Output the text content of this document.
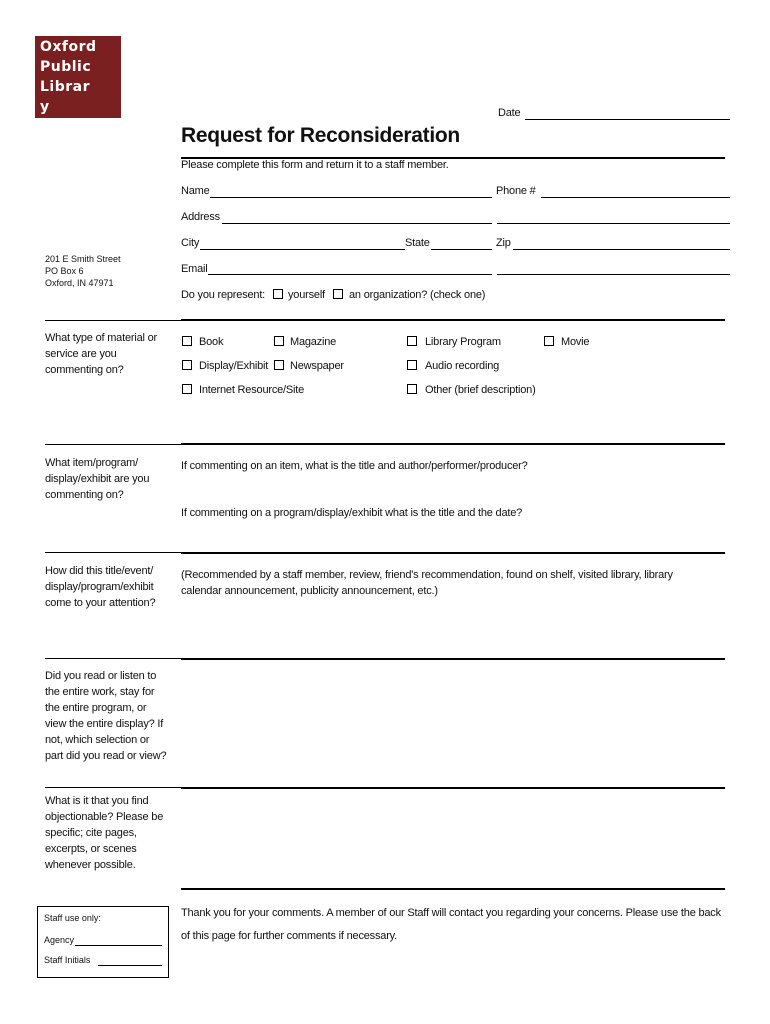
Oxford
Public
Librar
y	Date
Request for Reconsideration
Please complete this form and return it to a staff member.
Name	Phone #
Address
City	State	Zip
Email
201 E Smith Street
PO Box 6
Oxford, IN 47971
Do you represent: yourself an organization? (check one)
What type of material or service are you commenting on?
Book	Magazine	Library Program	Movie
Display/Exhibit Newspaper	Audio recording
Internet Resource/Site	Other (brief description)
What item/program/ display/exhibit are you commenting on?
If commenting on an item, what is the title and author/performer/producer?
If commenting on a program/display/exhibit what is the title and the date?
How did this title/event/ display/program/exhibit come to your attention?
(Recommended by a staff member, review, friend's recommendation, found on shelf, visited library, library calendar announcement, publicity announcement, etc.)
Did you read or listen to the entire work, stay for the entire program, or view the entire display? If not, which selection or part did you read or view?
What is it that you find objectionable? Please be specific; cite pages, excerpts, or scenes whenever possible.
Thank you for your comments. A member of our Staff will contact you regarding your concerns. Please use the back of this page for further comments if necessary.
Staff use only:
Agency
Staff Initials
